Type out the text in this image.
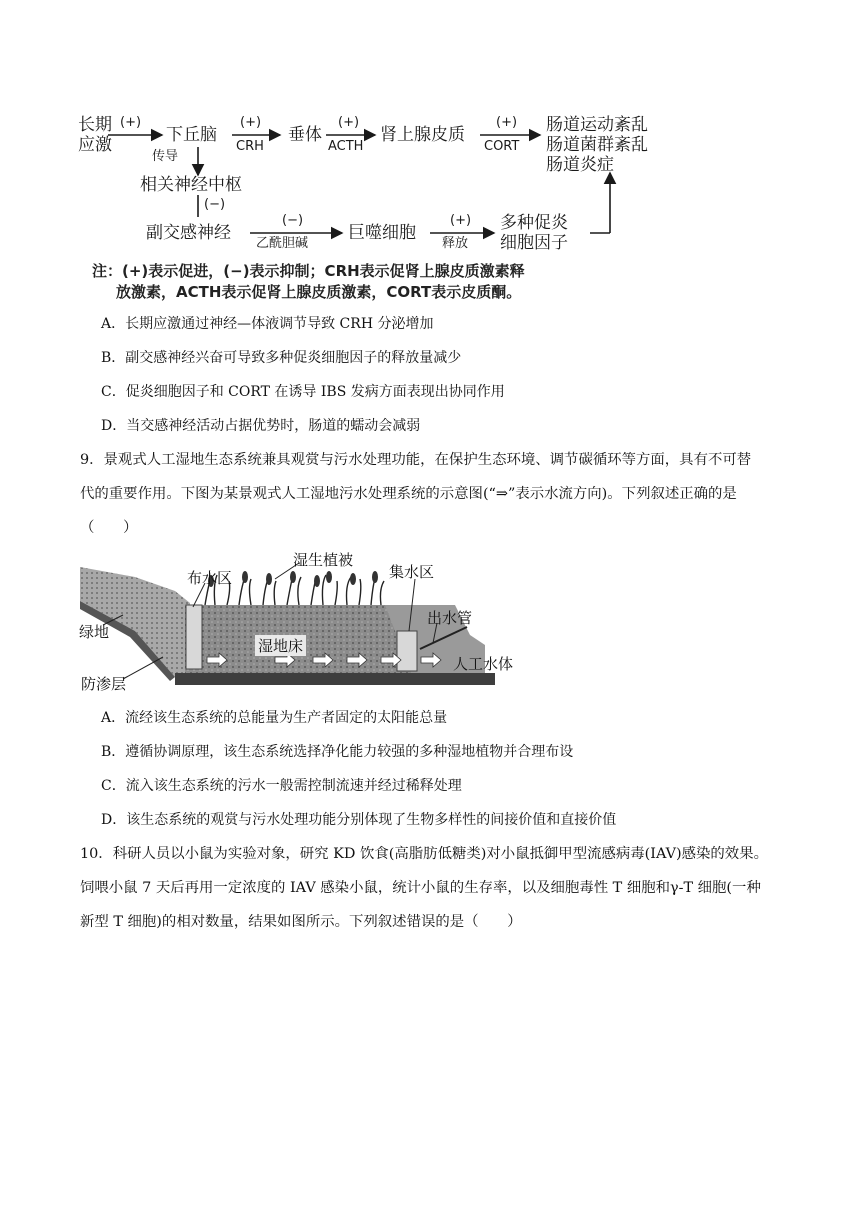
长期
应激
(+)
传导
下丘脑
(+)
CRH
垂体
(+)
ACTH
肾上腺皮质
(+)
CORT
肠道运动紊乱
肠道菌群紊乱
肠道炎症
相关神经中枢
(−)
副交感神经
(−)
乙酰胆碱
巨噬细胞
(+)
释放
多种促炎
细胞因子
注：(+)表示促进，(−)表示抑制；CRH表示促肾上腺皮质激素释
放激素，ACTH表示促肾上腺皮质激素，CORT表示皮质酮。
A．长期应激通过神经—体液调节导致 CRH 分泌增加
B．副交感神经兴奋可导致多种促炎细胞因子的释放量减少
C．促炎细胞因子和 CORT 在诱导 IBS 发病方面表现出协同作用
D．当交感神经活动占据优势时，肠道的蠕动会减弱
9．景观式人工湿地生态系统兼具观赏与污水处理功能，在保护生态环境、调节碳循环等方面，具有不可替
代的重要作用。下图为某景观式人工湿地污水处理系统的示意图(“⇒”表示水流方向)。下列叙述正确的是
（　　）
湿生植被
布水区	集水区
出水管
绿地
湿地床
人工水体
防渗层
A．流经该生态系统的总能量为生产者固定的太阳能总量
B．遵循协调原理，该生态系统选择净化能力较强的多种湿地植物并合理布设
C．流入该生态系统的污水一般需控制流速并经过稀释处理
D．该生态系统的观赏与污水处理功能分别体现了生物多样性的间接价值和直接价值
10．科研人员以小鼠为实验对象，研究 KD 饮食(高脂肪低糖类)对小鼠抵御甲型流感病毒(IAV)感染的效果。
饲喂小鼠 7 天后再用一定浓度的 IAV 感染小鼠，统计小鼠的生存率，以及细胞毒性 T 细胞和γ-T 细胞(一种
新型 T 细胞)的相对数量，结果如图所示。下列叙述错误的是（　　）
